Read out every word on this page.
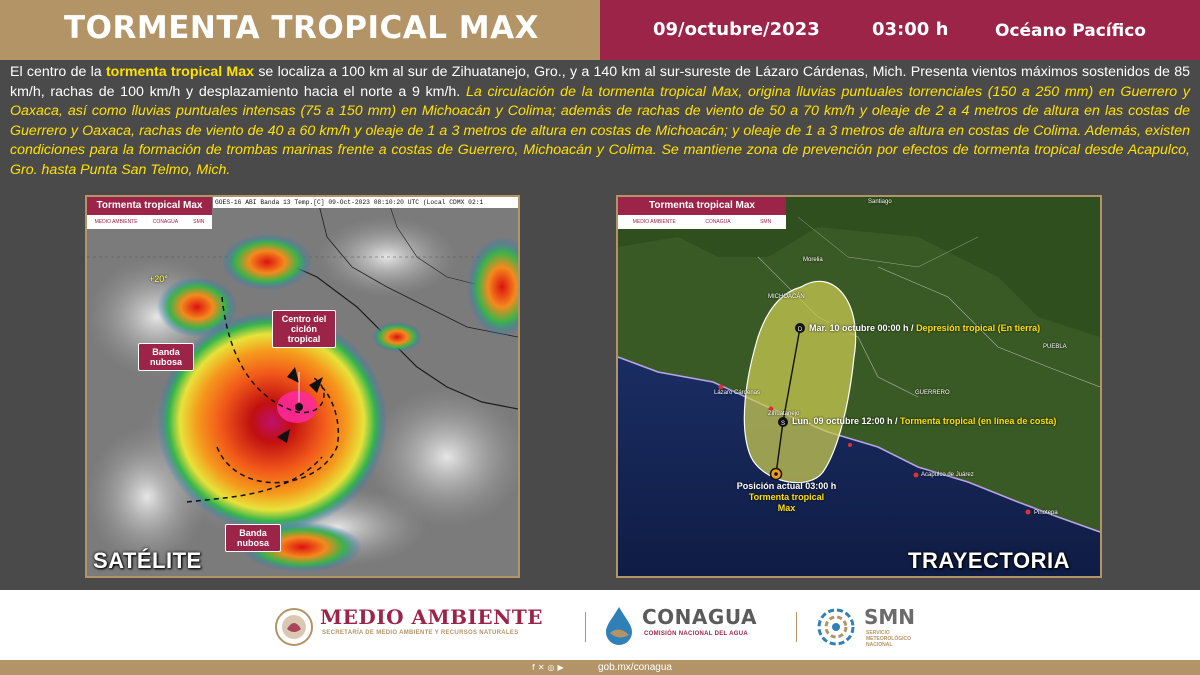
TORMENTA TROPICAL MAX	09/octubre/2023	03:00 h	Océano Pacífico
El centro de la tormenta tropical Max se localiza a 100 km al sur de Zihuatanejo, Gro., y a 140 km al sur-sureste de Lázaro Cárdenas, Mich. Presenta vientos máximos sostenidos de 85 km/h, rachas de 100 km/h y desplazamiento hacia el norte a 9 km/h. La circulación de la tormenta tropical Max, origina lluvias puntuales torrenciales (150 a 250 mm) en Guerrero y Oaxaca, así como lluvias puntuales intensas (75 a 150 mm) en Michoacán y Colima; además de rachas de viento de 50 a 70 km/h y oleaje de 2 a 4 metros de altura en las costas de Guerrero y Oaxaca, rachas de viento de 40 a 60 km/h y oleaje de 1 a 3 metros de altura en costas de Michoacán; y oleaje de 1 a 3 metros de altura en costas de Colima. Además, existen condiciones para la formación de trombas marinas frente a costas de Guerrero, Michoacán y Colima. Se mantiene zona de prevención por efectos de tormenta tropical desde Acapulco, Gro. hasta Punta San Telmo, Mich.
Tormenta tropical Max
MEDIO AMBIENTE	CONAGUA	SMN
GOES-16 ABI Banda 13 Temp.[C] 09-Oct-2023 08:10:20 UTC (Local CDMX 02:1
+20°
Centro del ciclón tropical
Banda nubosa
Banda nubosa
SATÉLITE
D
S
Tormenta tropical Max
MEDIO AMBIENTE	CONAGUA	SMN
MICHOACÁN
GUERRERO
PUEBLA
Lázaro Cárdenas
Zihuatanejo
Acapulco de Juárez
Pinotepa
Morelia
Santiago
Mar. 10 octubre 00:00 h / Depresión tropical (En tierra)
Lun. 09 octubre 12:00 h / Tormenta tropical (en línea de costa)
Posición actual 03:00 h
Tormenta tropical
Max
TRAYECTORIA
MEDIO AMBIENTE
SECRETARÍA DE MEDIO AMBIENTE Y RECURSOS NATURALES
CONAGUA
COMISIÓN NACIONAL DEL AGUA
SMN
SERVICIO METEOROLÓGICO NACIONAL
f✕◎▶	gob.mx/conagua
